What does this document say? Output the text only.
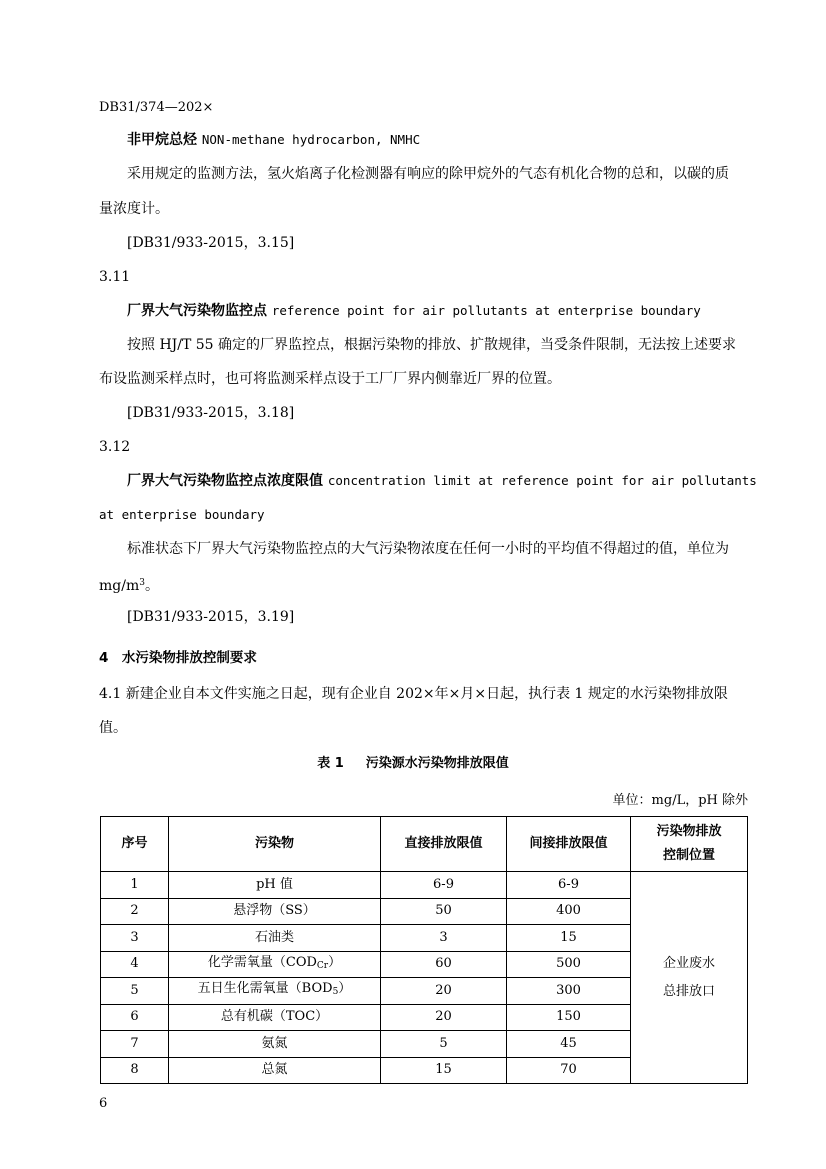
DB31/374—202×
非甲烷总烃 NON-methane hydrocarbon, NMHC
采用规定的监测方法，氢火焰离子化检测器有响应的除甲烷外的气态有机化合物的总和，以碳的质
量浓度计。
[DB31/933-2015，3.15]
3.11
厂界大气污染物监控点 reference point for air pollutants at enterprise boundary
按照 HJ/T 55 确定的厂界监控点，根据污染物的排放、扩散规律，当受条件限制，无法按上述要求
布设监测采样点时，也可将监测采样点设于工厂厂界内侧靠近厂界的位置。
[DB31/933-2015，3.18]
3.12
厂界大气污染物监控点浓度限值 concentration limit at reference point for air pollutants
at enterprise boundary
标准状态下厂界大气污染物监控点的大气污染物浓度在任何一小时的平均值不得超过的值，单位为
$mg/m^3$。
[DB31/933-2015，3.19]
4　水污染物排放控制要求
4.1 新建企业自本文件实施之日起，现有企业自 202×年×月×日起，执行表 1 规定的水污染物排放限
值。
表 1 污染源水污染物排放限值
单位：mg/L，pH 除外
序号	污染物	直接排放限值	间接排放限值	污染物排放
控制位置
1	pH 值	6-9	6-9	企业废水
总排放口
2	悬浮物（SS）	50	400	
3	石油类	3	15	
4	化学需氧量$(COD_{Cr})$	60	500	
5	五日生化需氧量$(BOD_5)$	20	300	
6	总有机碳（TOC）	20	150	
7	氨氮	5	45	
8	总氮	15	70	
6
